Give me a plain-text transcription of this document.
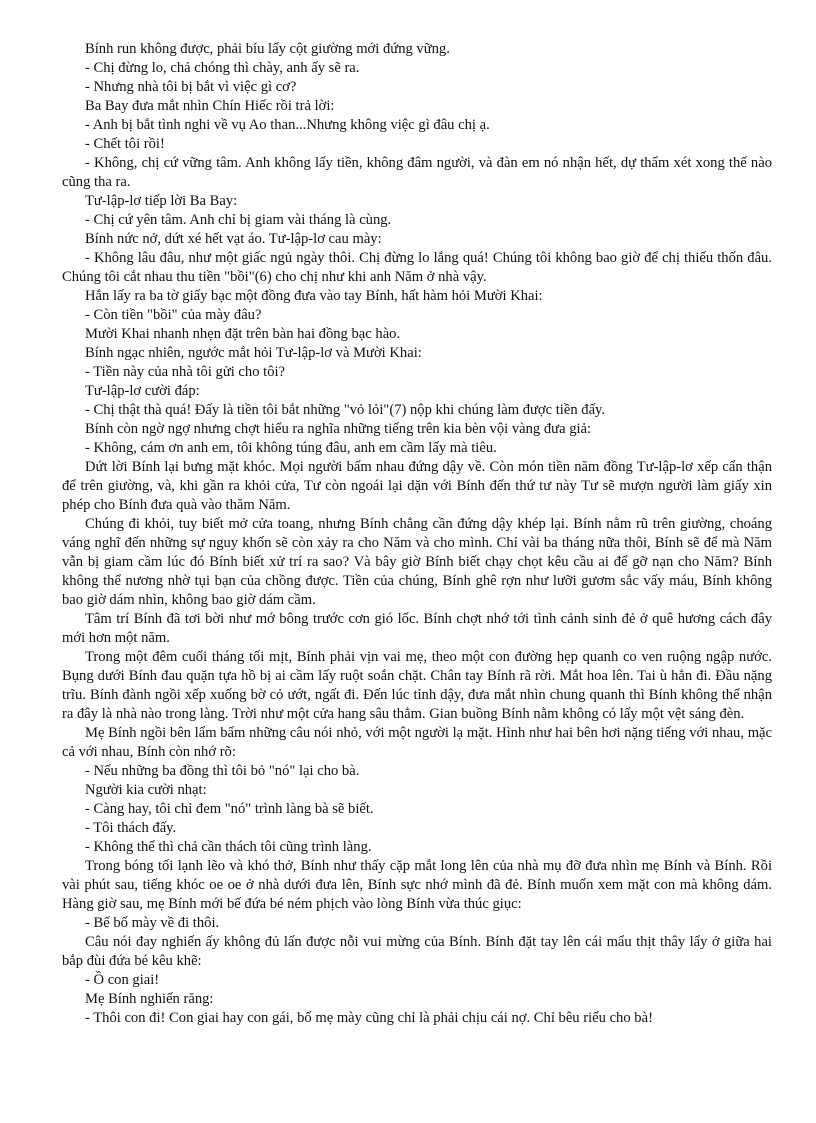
Bính run không được, phải bíu lấy cột giường mới đứng vững.

- Chị đừng lo, chả chóng thì chày, anh ấy sẽ ra.

- Nhưng nhà tôi bị bắt vì việc gì cơ?

Ba Bay đưa mắt nhìn Chín Hiếc rồi trả lời:

- Anh bị bắt tình nghi về vụ Ao than...Nhưng không việc gì đâu chị ạ.

- Chết tôi rồi!

- Không, chị cứ vững tâm. Anh không lấy tiền, không đâm người, và đàn em nó nhận hết, dự thẩm xét xong thế nào cũng tha ra.

Tư-lập-lơ tiếp lời Ba Bay:

- Chị cứ yên tâm. Anh chỉ bị giam vài tháng là cùng.

Bính nức nở, dứt xé hết vạt áo. Tư-lập-lơ cau mày:

- Không lâu đâu, như một giấc ngủ ngày thôi. Chị đừng lo lắng quá! Chúng tôi không bao giờ để chị thiếu thốn đâu. Chúng tôi cắt nhau thu tiền "bồi"(6) cho chị như khi anh Năm ở nhà vậy.

Hắn lấy ra ba tờ giấy bạc một đồng đưa vào tay Bính, hất hàm hỏi Mười Khai:

- Còn tiền "bồi" của mày đâu?

Mười Khai nhanh nhẹn đặt trên bàn hai đồng bạc hào.

Bính ngạc nhiên, ngước mắt hỏi Tư-lập-lơ và Mười Khai:

- Tiền này của nhà tôi gửi cho tôi?

Tư-lập-lơ cười đáp:

- Chị thật thà quá! Đấy là tiền tôi bắt những "vỏ lỏi"(7) nộp khi chúng làm được tiền đấy.

Bính còn ngờ ngợ nhưng chợt hiểu ra nghĩa những tiếng trên kia bèn vội vàng đưa giả:

- Không, cám ơn anh em, tôi không túng đâu, anh em cầm lấy mà tiêu.

Dứt lời Bính lại bưng mặt khóc. Mọi người bấm nhau đứng dậy về. Còn món tiền năm đồng Tư-lập-lơ xếp cẩn thận để trên giường, và, khi gần ra khỏi cửa, Tư còn ngoái lại dặn với Bính đến thứ tư này Tư sẽ mượn người làm giấy xin phép cho Bính đưa quà vào thăm Năm.

Chúng đi khỏi, tuy biết mở cửa toang, nhưng Bính chẳng cần đứng dậy khép lại. Bính nằm rũ trên giường, choáng váng nghĩ đến những sự nguy khốn sẽ còn xảy ra cho Năm và cho mình. Chỉ vài ba tháng nữa thôi, Bính sẽ để mà Năm vẫn bị giam cầm lúc đó Bính biết xử trí ra sao? Và bây giờ Bính biết chạy chọt kêu cầu ai để gỡ nạn cho Năm? Bính không thể nương nhờ tụi bạn của chồng được. Tiền của chúng, Bính ghê rợn như lưỡi gươm sắc vấy máu, Bính không bao giờ dám nhìn, không bao giờ dám cầm.

Tâm trí Bính đã tơi bời như mớ bông trước cơn gió lốc. Bính chợt nhớ tới tình cảnh sinh đẻ ở quê hương cách đây mới hơn một năm.

Trong một đêm cuối tháng tối mịt, Bính phải vịn vai mẹ, theo một con đường hẹp quanh co ven ruộng ngập nước. Bụng dưới Bính đau quặn tựa hồ bị ai cầm lấy ruột soắn chặt. Chân tay Bính rã rời. Mắt hoa lên. Tai ù hẳn đi. Đầu nặng trĩu. Bính đành ngồi xếp xuống bờ cỏ ướt, ngất đi. Đến lúc tỉnh dậy, đưa mắt nhìn chung quanh thì Bính không thể nhận ra đây là nhà nào trong làng. Trời như một cửa hang sâu thẳm. Gian buồng Bính nằm không có lấy một vệt sáng đèn.

Mẹ Bính ngồi bên lẩm bẩm những câu nói nhỏ, với một người lạ mặt. Hình như hai bên hơi nặng tiếng với nhau, mặc cả với nhau, Bính còn nhớ rõ:

- Nếu những ba đồng thì tôi bỏ "nó" lại cho bà.

Người kia cười nhạt:

- Càng hay, tôi chỉ đem "nó" trình làng bà sẽ biết.

- Tôi thách đấy.

- Không thể thì chả cần thách tôi cũng trình làng.

Trong bóng tối lạnh lẽo và khó thở, Bính như thấy cặp mắt long lên của nhà mụ đỡ đưa nhìn mẹ Bính và Bính. Rồi vài phút sau, tiếng khóc oe oe ở nhà dưới đưa lên, Bính sực nhớ mình đã đẻ. Bính muốn xem mặt con mà không dám. Hàng giờ sau, mẹ Bính mới bế đứa bé ném phịch vào lòng Bính vừa thúc giục:

- Bế bố mày về đi thôi.

Câu nói đay nghiến ấy không đủ lấn được nỗi vui mừng của Bính. Bính đặt tay lên cái mẩu thịt thây lẩy ở giữa hai bắp đùi đứa bé kêu khẽ:

- Ồ con giai!

Mẹ Bính nghiến răng:

- Thôi con đi! Con giai hay con gái, bố mẹ mày cũng chỉ là phải chịu cái nợ. Chỉ bêu riếu cho bà!
